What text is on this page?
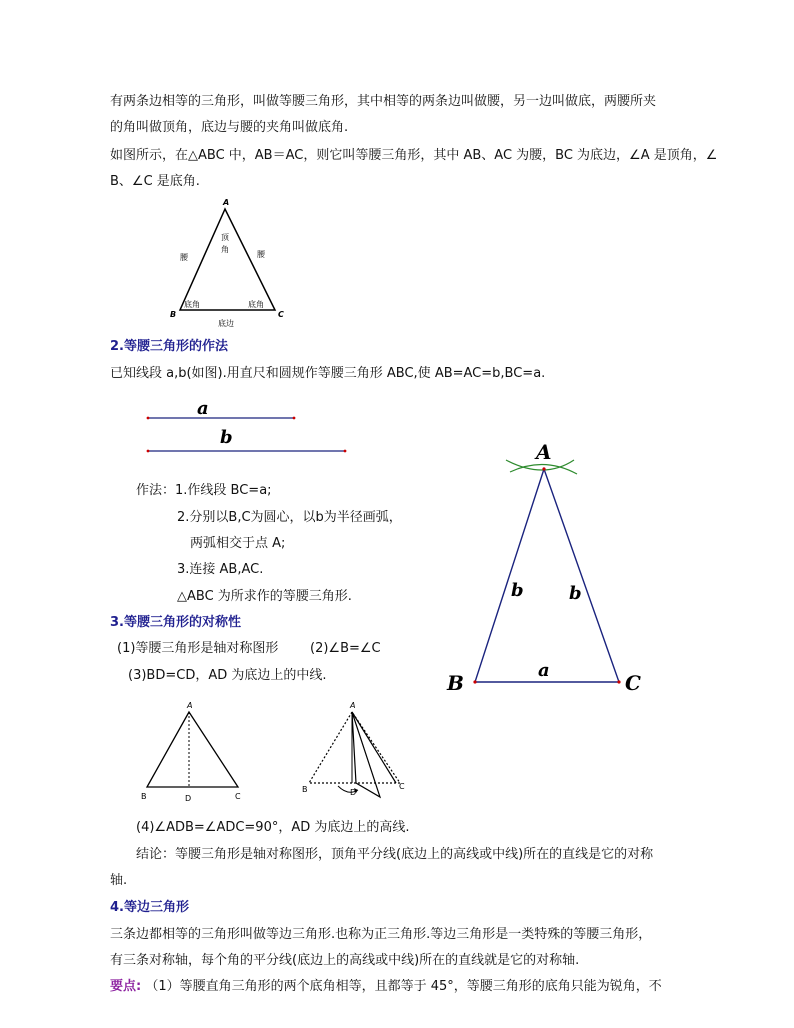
有两条边相等的三角形，叫做等腰三角形，其中相等的两条边叫做腰，另一边叫做底，两腰所夹
的角叫做顶角，底边与腰的夹角叫做底角.
如图所示，在△ABC 中，AB＝AC，则它叫等腰三角形，其中 AB、AC 为腰，BC 为底边，∠A 是顶角，∠
B、∠C 是底角.
A
B	C
顶
角
腰	腰
底角	底角
底边
2.等腰三角形的作法
已知线段 a,b(如图).用直尺和圆规作等腰三角形 ABC,使 AB=AC=b,BC=a.
a
b
作法：1.作线段 BC=a;
2.分别以B,C为圆心，以b为半径画弧，
两弧相交于点 A;
3.连接 AB,AC.
△ABC 为所求作的等腰三角形.
A
B	C
b	b
a
3.等腰三角形的对称性
(1)等腰三角形是轴对称图形 (2)∠B=∠C
(3)BD=CD，AD 为底边上的中线.
A
B	D	C
A
B	D
C
(4)∠ADB=∠ADC=90°，AD 为底边上的高线.
结论：等腰三角形是轴对称图形，顶角平分线(底边上的高线或中线)所在的直线是它的对称
轴.
4.等边三角形
三条边都相等的三角形叫做等边三角形.也称为正三角形.等边三角形是一类特殊的等腰三角形，
有三条对称轴，每个角的平分线(底边上的高线或中线)所在的直线就是它的对称轴.
要点: （1）等腰直角三角形的两个底角相等，且都等于 45°，等腰三角形的底角只能为锐角，不
